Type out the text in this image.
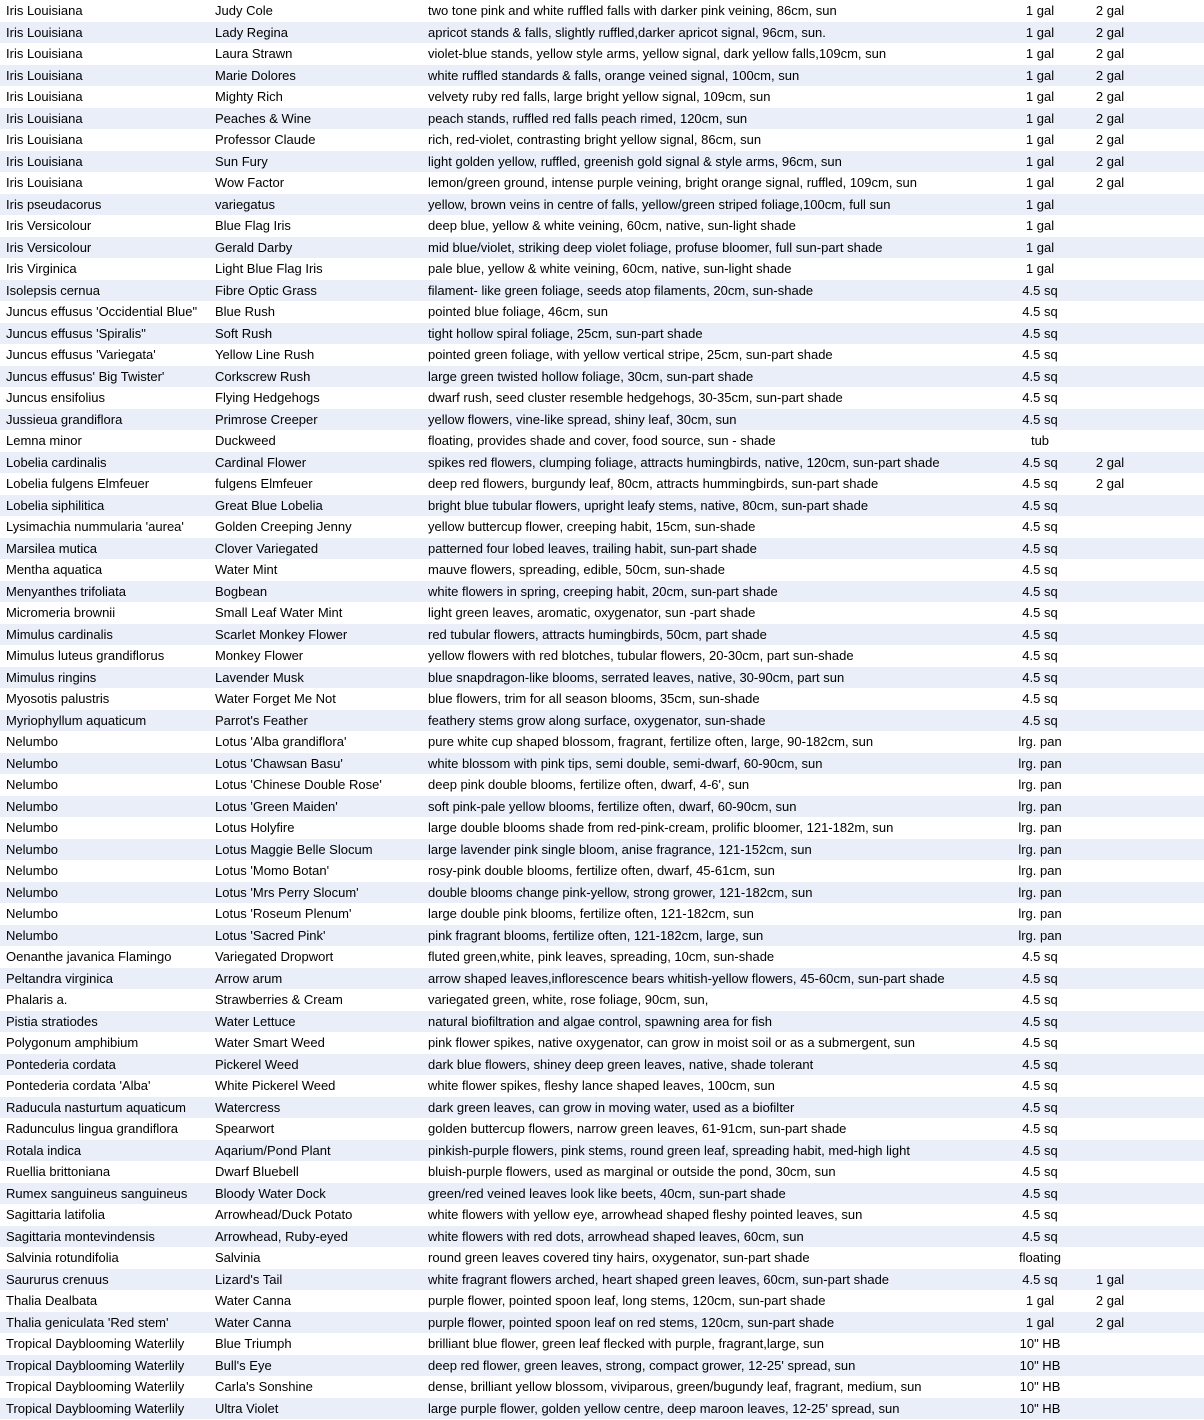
Iris Louisiana	Judy Cole	two tone pink and white ruffled falls with darker pink veining, 86cm, sun	1 gal	2 gal
Iris Louisiana	Lady Regina	apricot stands & falls, slightly ruffled,darker apricot signal, 96cm, sun.	1 gal	2 gal
Iris Louisiana	Laura Strawn	violet-blue stands, yellow style arms, yellow signal, dark yellow falls,109cm, sun	1 gal	2 gal
Iris Louisiana	Marie Dolores	white ruffled standards & falls, orange veined signal, 100cm, sun	1 gal	2 gal
Iris Louisiana	Mighty Rich	velvety ruby red falls, large bright yellow signal, 109cm, sun	1 gal	2 gal
Iris Louisiana	Peaches & Wine	peach stands, ruffled red falls peach rimed, 120cm, sun	1 gal	2 gal
Iris Louisiana	Professor Claude	rich, red-violet, contrasting bright yellow signal, 86cm, sun	1 gal	2 gal
Iris Louisiana	Sun Fury	light golden yellow, ruffled, greenish gold signal & style arms, 96cm, sun	1 gal	2 gal
Iris Louisiana	Wow Factor	lemon/green ground, intense purple veining, bright orange signal, ruffled, 109cm, sun	1 gal	2 gal
Iris pseudacorus	variegatus	yellow, brown veins in centre of falls, yellow/green striped foliage,100cm, full sun	1 gal
Iris Versicolour	Blue Flag Iris	deep blue, yellow & white veining, 60cm, native, sun-light shade	1 gal
Iris Versicolour	Gerald Darby	mid blue/violet, striking deep violet foliage, profuse bloomer, full sun-part shade	1 gal
Iris Virginica	Light Blue Flag Iris	pale blue, yellow & white veining, 60cm, native, sun-light shade	1 gal
Isolepsis cernua	Fibre Optic Grass	filament- like green foliage, seeds atop filaments, 20cm, sun-shade	4.5 sq
Juncus effusus 'Occidential Blue"	Blue Rush	pointed blue foliage, 46cm, sun	4.5 sq
Juncus effusus 'Spiralis"	Soft Rush	tight hollow spiral foliage, 25cm, sun-part shade	4.5 sq
Juncus effusus 'Variegata'	Yellow Line Rush	pointed green foliage, with yellow vertical stripe, 25cm, sun-part shade	4.5 sq
Juncus effusus' Big Twister'	Corkscrew Rush	large green twisted hollow foliage, 30cm, sun-part shade	4.5 sq
Juncus ensifolius	Flying Hedgehogs	dwarf rush, seed cluster resemble hedgehogs, 30-35cm, sun-part shade	4.5 sq
Jussieua grandiflora	Primrose Creeper	yellow flowers, vine-like spread, shiny leaf, 30cm, sun	4.5 sq
Lemna minor	Duckweed	floating, provides shade and cover, food source, sun - shade	tub
Lobelia cardinalis	Cardinal Flower	spikes red flowers, clumping foliage, attracts humingbirds, native, 120cm, sun-part shade	4.5 sq	2 gal
Lobelia fulgens Elmfeuer	fulgens Elmfeuer	deep red flowers, burgundy leaf, 80cm, attracts hummingbirds, sun-part shade	4.5 sq	2 gal
Lobelia siphilitica	Great Blue Lobelia	bright blue tubular flowers, upright leafy stems, native, 80cm, sun-part shade	4.5 sq
Lysimachia nummularia 'aurea'	Golden Creeping Jenny	yellow buttercup flower, creeping habit, 15cm, sun-shade	4.5 sq
Marsilea mutica	Clover Variegated	patterned four lobed leaves, trailing habit, sun-part shade	4.5 sq
Mentha aquatica	Water Mint	mauve flowers, spreading, edible, 50cm, sun-shade	4.5 sq
Menyanthes trifoliata	Bogbean	white flowers in spring, creeping habit, 20cm, sun-part shade	4.5 sq
Micromeria brownii	Small Leaf Water Mint	light green leaves, aromatic, oxygenator, sun -part shade	4.5 sq
Mimulus cardinalis	Scarlet Monkey Flower	red tubular flowers, attracts humingbirds, 50cm, part shade	4.5 sq
Mimulus luteus grandiflorus	Monkey Flower	yellow flowers with red blotches, tubular flowers, 20-30cm, part sun-shade	4.5 sq
Mimulus ringins	Lavender Musk	blue snapdragon-like blooms, serrated leaves, native, 30-90cm, part sun	4.5 sq
Myosotis palustris	Water Forget Me Not	blue flowers, trim for all season blooms, 35cm, sun-shade	4.5 sq
Myriophyllum aquaticum	Parrot's Feather	feathery stems grow along surface, oxygenator, sun-shade	4.5 sq
Nelumbo	Lotus 'Alba grandiflora'	pure white cup shaped blossom, fragrant, fertilize often, large, 90-182cm, sun	lrg. pan
Nelumbo	Lotus 'Chawsan Basu'	white blossom with pink tips, semi double, semi-dwarf, 60-90cm, sun	lrg. pan
Nelumbo	Lotus 'Chinese Double Rose'	deep pink double blooms, fertilize often, dwarf, 4-6', sun	lrg. pan
Nelumbo	Lotus 'Green Maiden'	soft pink-pale yellow blooms, fertilize often, dwarf, 60-90cm, sun	lrg. pan
Nelumbo	Lotus Holyfire	large double blooms shade from red-pink-cream, prolific bloomer, 121-182m, sun	lrg. pan
Nelumbo	Lotus Maggie Belle Slocum	large lavender pink single bloom, anise fragrance, 121-152cm, sun	lrg. pan
Nelumbo	Lotus 'Momo Botan'	rosy-pink double blooms, fertilize often, dwarf, 45-61cm, sun	lrg. pan
Nelumbo	Lotus 'Mrs Perry Slocum'	double blooms change pink-yellow, strong grower, 121-182cm, sun	lrg. pan
Nelumbo	Lotus 'Roseum Plenum'	large double pink blooms, fertilize often, 121-182cm, sun	lrg. pan
Nelumbo	Lotus 'Sacred Pink'	pink fragrant blooms, fertilize often, 121-182cm, large, sun	lrg. pan
Oenanthe javanica Flamingo	Variegated Dropwort	fluted green,white, pink leaves, spreading, 10cm, sun-shade	4.5 sq
Peltandra virginica	Arrow arum	arrow shaped leaves,inflorescence bears whitish-yellow flowers, 45-60cm, sun-part shade	4.5 sq
Phalaris a.	Strawberries & Cream	variegated green, white, rose foliage, 90cm, sun,	4.5 sq
Pistia stratiodes	Water Lettuce	natural biofiltration and algae control, spawning area for fish	4.5 sq
Polygonum amphibium	Water Smart Weed	pink flower spikes, native oxygenator, can grow in moist soil or as a submergent, sun	4.5 sq
Pontederia cordata	Pickerel Weed	dark blue flowers, shiney deep green leaves, native, shade tolerant	4.5 sq
Pontederia cordata 'Alba'	White Pickerel Weed	white flower spikes, fleshy lance shaped leaves, 100cm, sun	4.5 sq
Raducula nasturtum aquaticum	Watercress	dark green leaves, can grow in moving water, used as a biofilter	4.5 sq
Radunculus lingua grandiflora	Spearwort	golden buttercup flowers, narrow green leaves, 61-91cm, sun-part shade	4.5 sq
Rotala indica	Aqarium/Pond Plant	pinkish-purple flowers, pink stems, round green leaf, spreading habit, med-high light	4.5 sq
Ruellia brittoniana	Dwarf Bluebell	bluish-purple flowers, used as marginal or outside the pond, 30cm, sun	4.5 sq
Rumex sanguineus sanguineus	Bloody Water Dock	green/red veined leaves look like beets, 40cm, sun-part shade	4.5 sq
Sagittaria latifolia	Arrowhead/Duck Potato	white flowers with yellow eye, arrowhead shaped fleshy pointed leaves, sun	4.5 sq
Sagittaria montevindensis	Arrowhead, Ruby-eyed	white flowers with red dots, arrowhead shaped leaves, 60cm, sun	4.5 sq
Salvinia rotundifolia	Salvinia	round green leaves covered tiny hairs, oxygenator, sun-part shade	floating
Saururus crenuus	Lizard's Tail	white fragrant flowers arched, heart shaped green leaves, 60cm, sun-part shade	4.5 sq	1 gal
Thalia Dealbata	Water Canna	purple flower, pointed spoon leaf, long stems, 120cm, sun-part shade	1 gal	2 gal
Thalia geniculata 'Red stem'	Water Canna	purple flower, pointed spoon leaf on red stems, 120cm, sun-part shade	1 gal	2 gal
Tropical Dayblooming Waterlily	Blue Triumph	brilliant blue flower, green leaf flecked with purple, fragrant,large, sun	10" HB
Tropical Dayblooming Waterlily	Bull's Eye	deep red flower, green leaves, strong, compact grower, 12-25' spread, sun	10" HB
Tropical Dayblooming Waterlily	Carla's Sonshine	dense, brilliant yellow blossom, viviparous, green/bugundy leaf, fragrant, medium, sun	10" HB
Tropical Dayblooming Waterlily	Ultra Violet	large purple flower, golden yellow centre, deep maroon leaves, 12-25' spread, sun	10" HB
